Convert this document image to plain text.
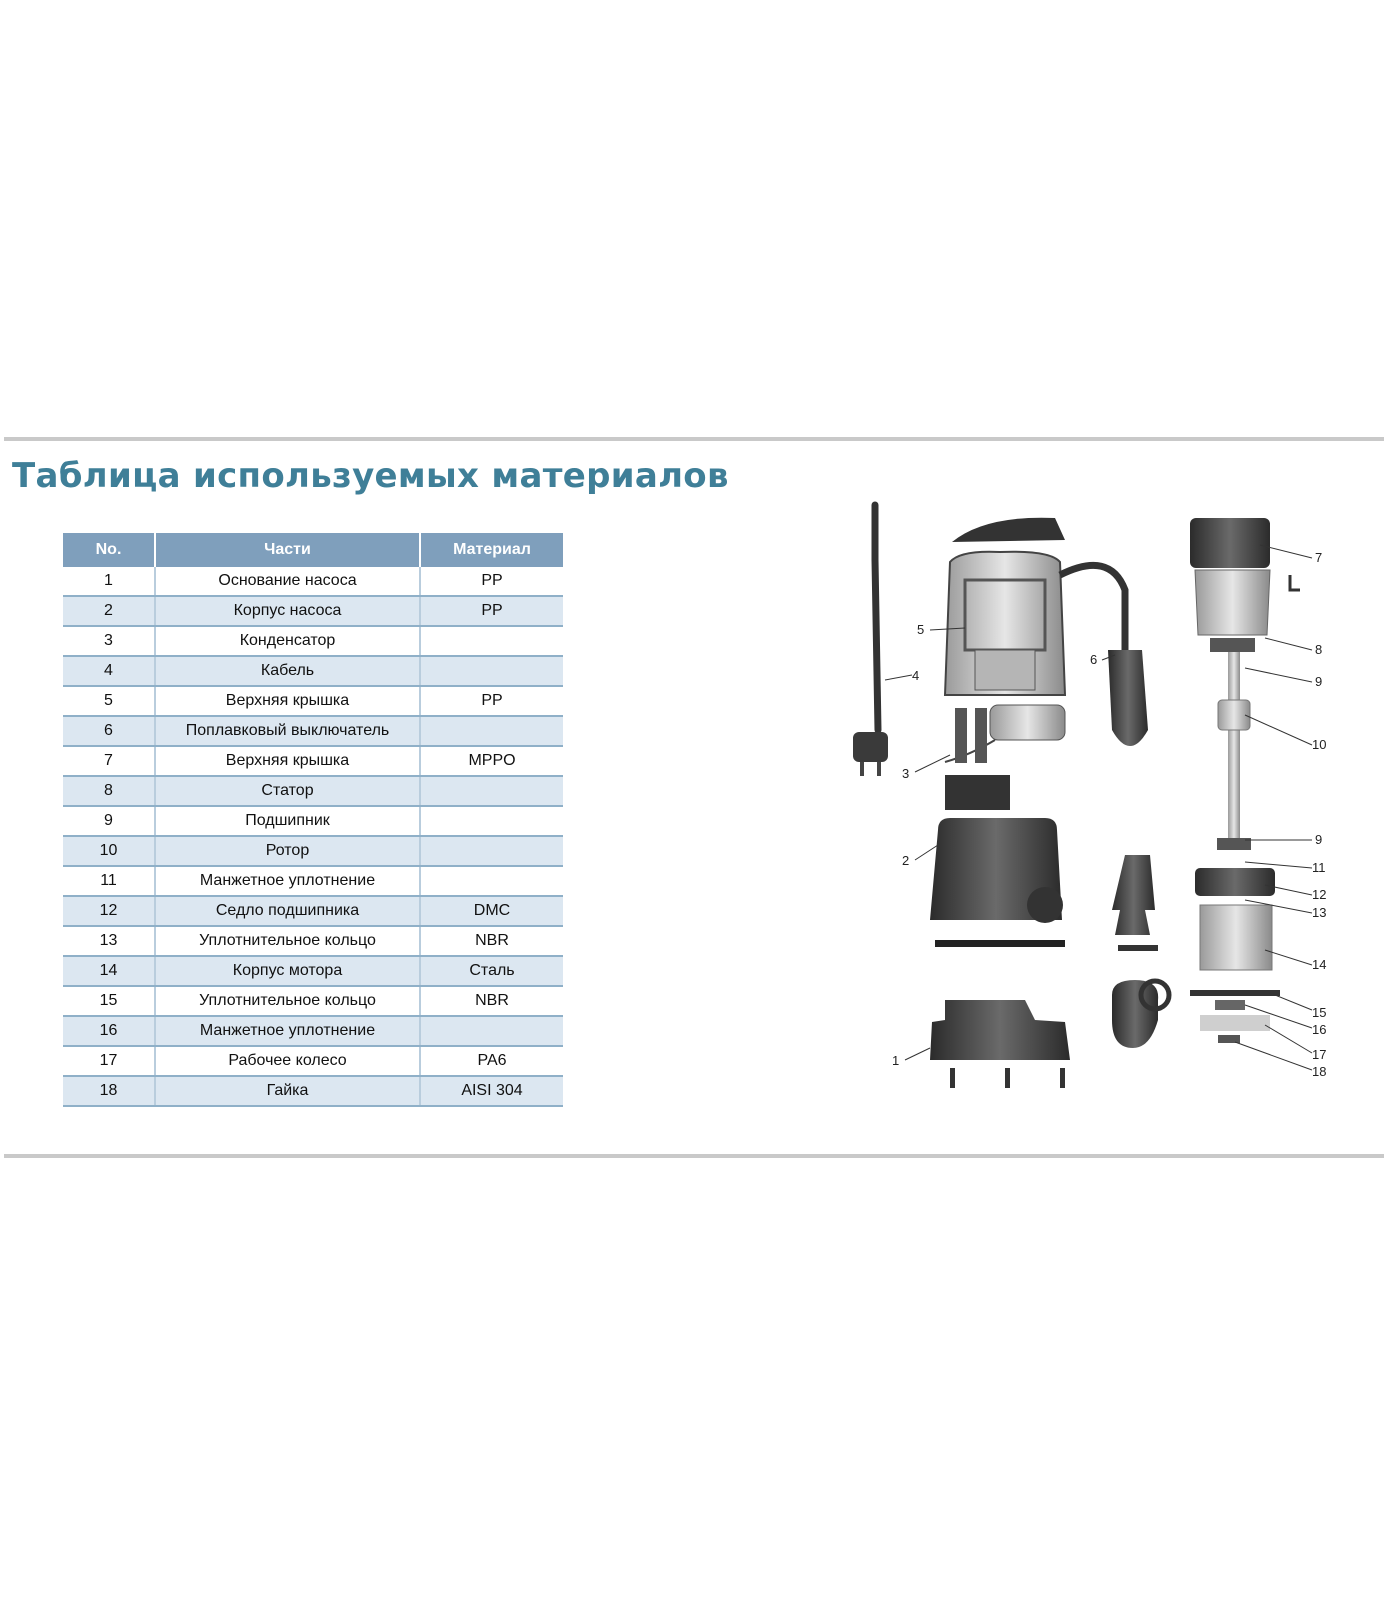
Таблица используемых материалов
No.	Части	Материал
1	Основание насоса	PP
2	Корпус насоса	PP
3	Конденсатор	
4	Кабель	
5	Верхняя крышка	PP
6	Поплавковый выключатель	
7	Верхняя крышка	MPPO
8	Статор	
9	Подшипник	
10	Ротор	
11	Манжетное уплотнение	
12	Седло подшипника	DMC
13	Уплотнительное кольцо	NBR
14	Корпус мотора	Сталь
15	Уплотнительное кольцо	NBR
16	Манжетное уплотнение	
17	Рабочее колесо	PA6
18	Гайка	AISI 304
7
8
9
10
9
11
12
13
14
15
16
17
18
5
4
6
3
2
1
